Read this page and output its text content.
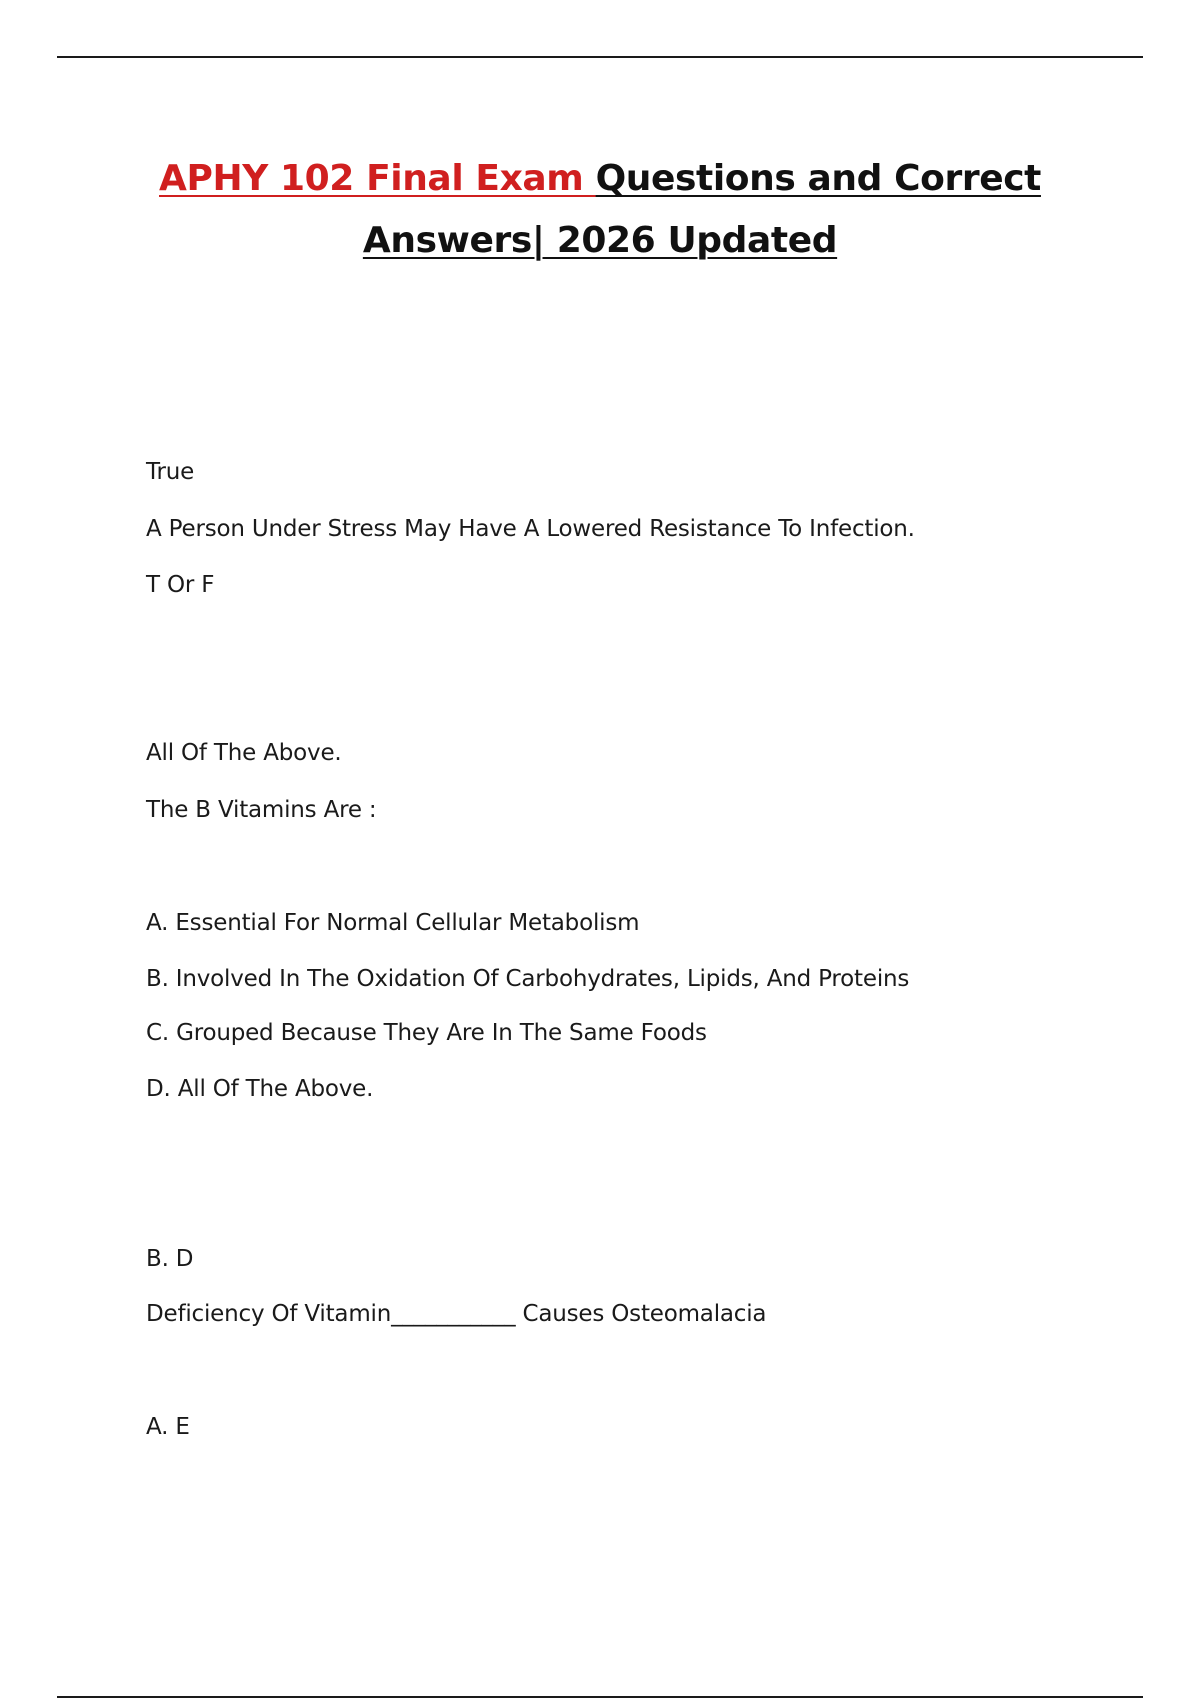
APHY 102 Final Exam Questions and Correct
Answers| 2026 Updated
True
A Person Under Stress May Have A Lowered Resistance To Infection.
T Or F
All Of The Above.
The B Vitamins Are :
A. Essential For Normal Cellular Metabolism
B. Involved In The Oxidation Of Carbohydrates, Lipids, And Proteins
C. Grouped Because They Are In The Same Foods
D. All Of The Above.
B. D
Deficiency Of Vitamin___________ Causes Osteomalacia
A. E
